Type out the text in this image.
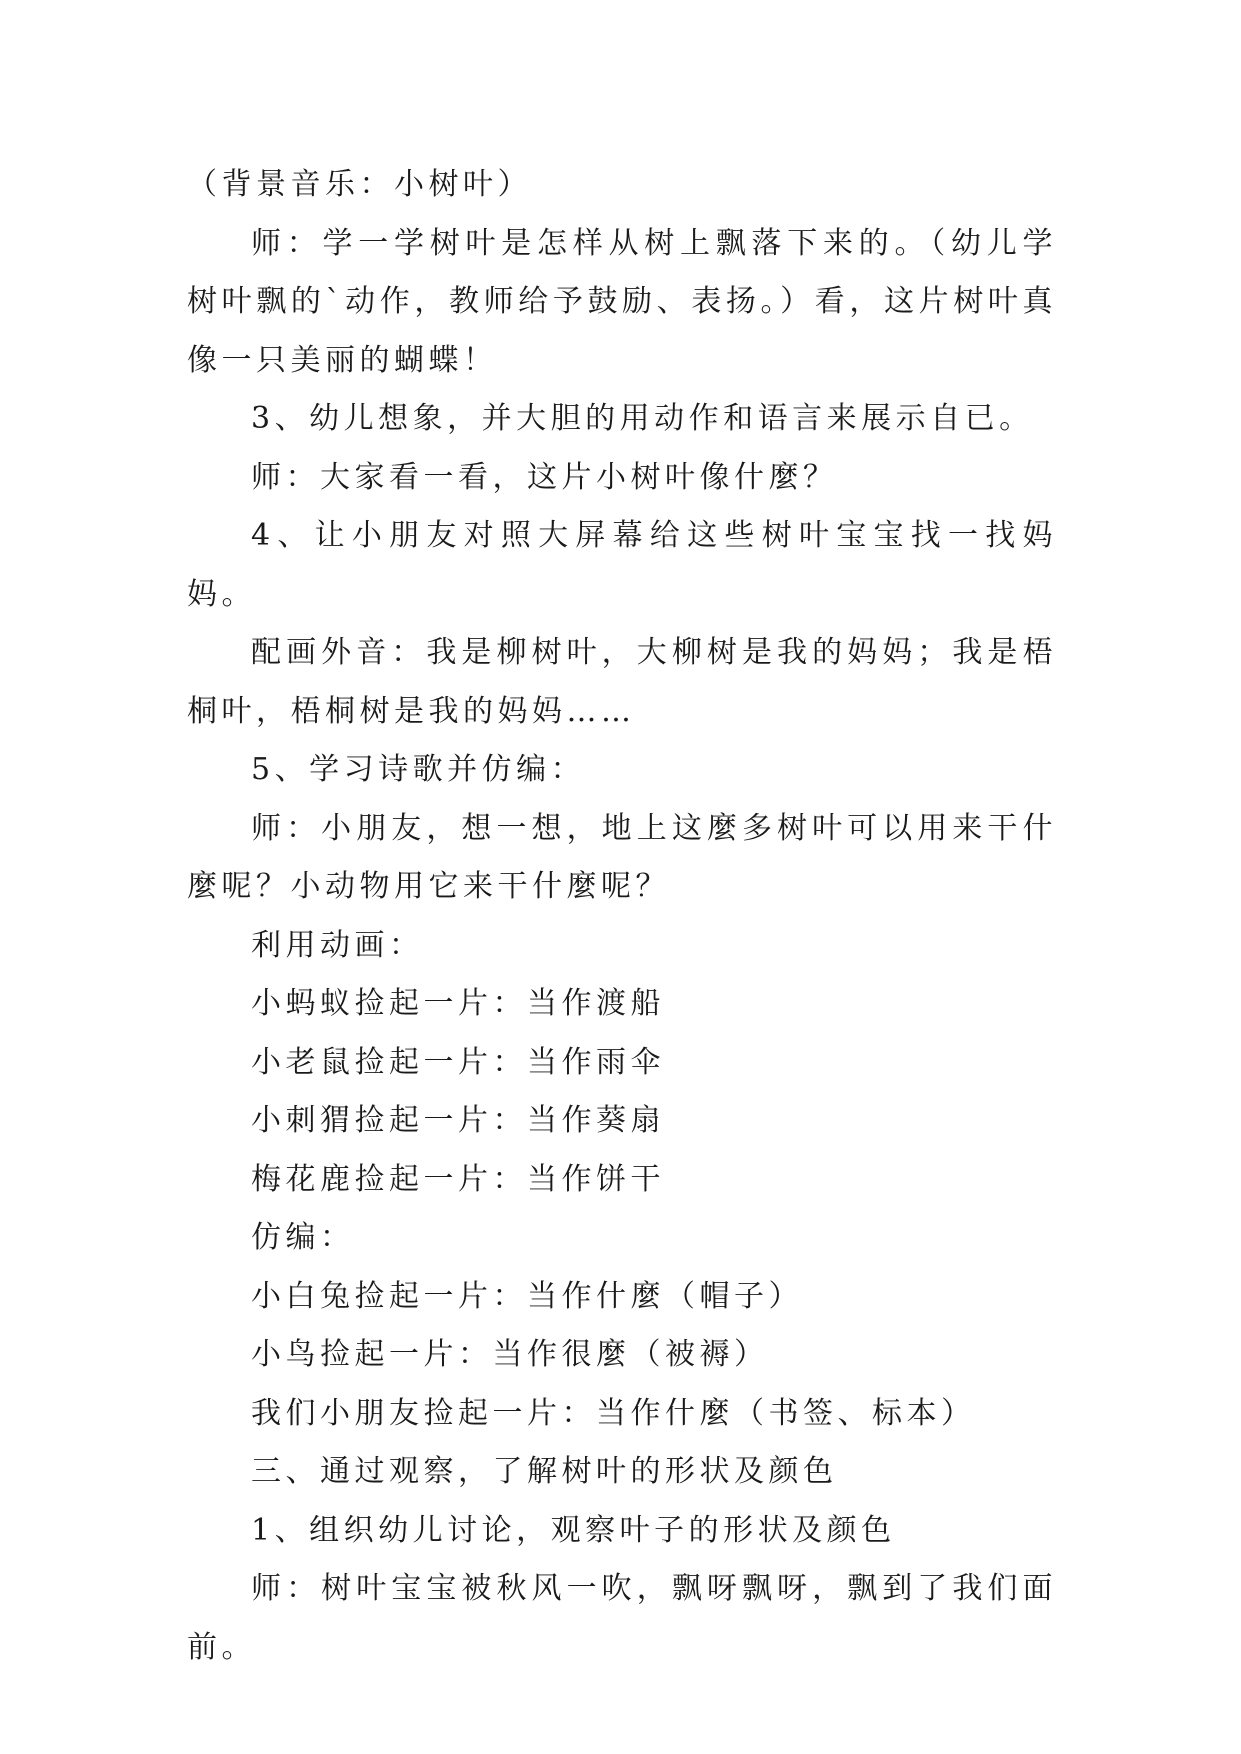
（背景音乐：小树叶）

师：学一学树叶是怎样从树上飘落下来的。（幼儿学树叶飘的`动作，教师给予鼓励、表扬。）看，这片树叶真像一只美丽的蝴蝶！

3、幼儿想象，并大胆的用动作和语言来展示自已。

师：大家看一看，这片小树叶像什麼？

4、让小朋友对照大屏幕给这些树叶宝宝找一找妈妈。

配画外音：我是柳树叶，大柳树是我的妈妈；我是梧桐叶，梧桐树是我的妈妈……

5、学习诗歌并仿编：

师：小朋友，想一想，地上这麼多树叶可以用来干什麼呢？小动物用它来干什麼呢？

利用动画：

小蚂蚁捡起一片：当作渡船

小老鼠捡起一片：当作雨伞

小刺猬捡起一片：当作葵扇

梅花鹿捡起一片：当作饼干

仿编：

小白兔捡起一片：当作什麼（帽子）

小鸟捡起一片：当作很麼（被褥）

我们小朋友捡起一片：当作什麼（书签、标本）

三、通过观察，了解树叶的形状及颜色

1、组织幼儿讨论，观察叶子的形状及颜色

师：树叶宝宝被秋风一吹，飘呀飘呀，飘到了我们面前。
